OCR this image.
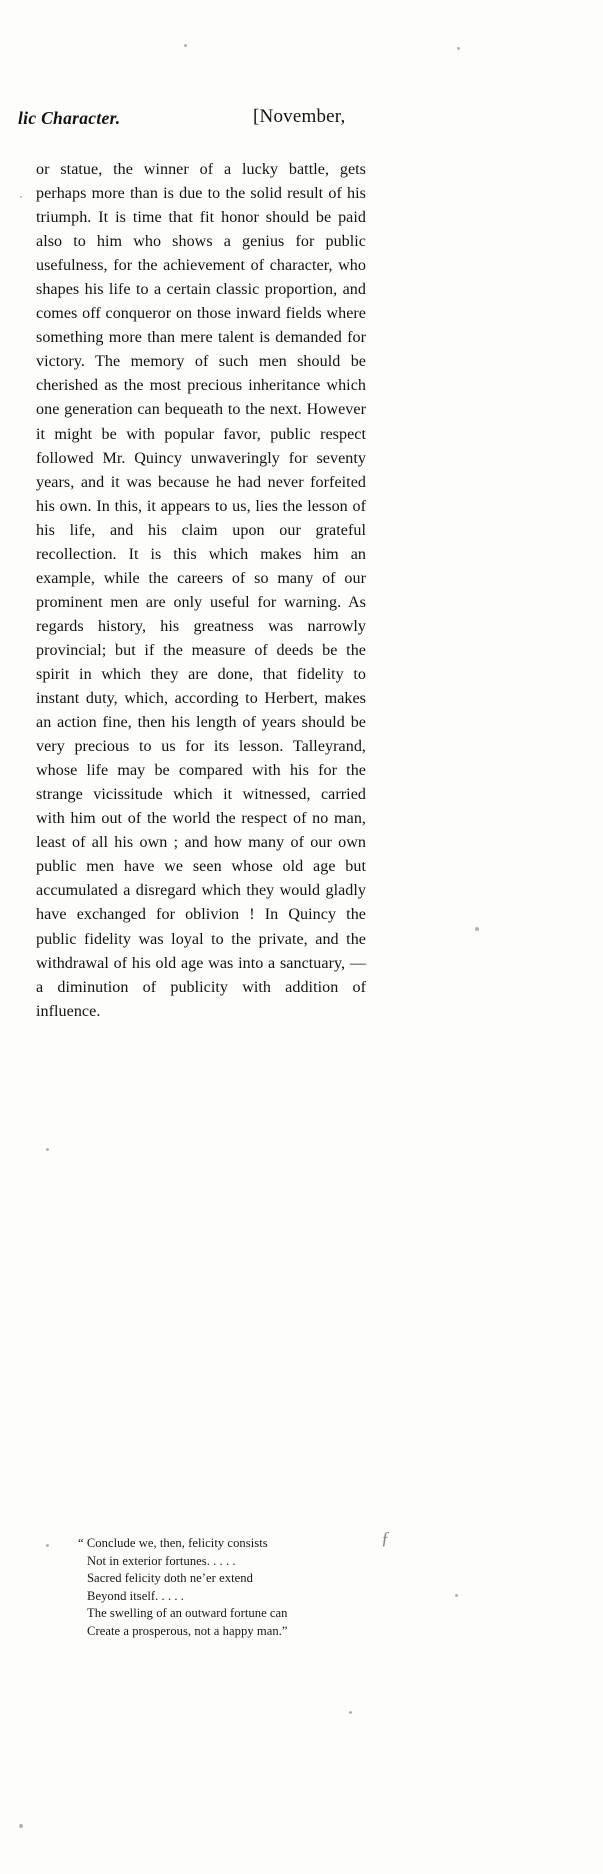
lic Character.	[November,

or statue, the winner of a lucky battle, gets perhaps more than is due to the solid result of his triumph. It is time that fit honor should be paid also to him who shows a genius for public usefulness, for the achievement of character, who shapes his life to a certain classic proportion, and comes off conqueror on those inward fields where something more than mere talent is demanded for victory. The memory of such men should be cherished as the most precious inheritance which one generation can bequeath to the next. However it might be with popular favor, public respect followed Mr. Quincy unwaveringly for seventy years, and it was because he had never forfeited his own. In this, it appears to us, lies the lesson of his life, and his claim upon our grateful recollection. It is this which makes him an example, while the careers of so many of our prominent men are only useful for warning. As regards history, his greatness was narrowly provincial; but if the measure of deeds be the spirit in which they are done, that fidelity to instant duty, which, according to Herbert, makes an action fine, then his length of years should be very precious to us for its lesson. Talleyrand, whose life may be compared with his for the strange vicissitude which it witnessed, carried with him out of the world the respect of no man, least of all his own ; and how many of our own public men have we seen whose old age but accumulated a disregard which they would gladly have exchanged for oblivion ! In Quincy the public fidelity was loyal to the private, and the withdrawal of his old age was into a sanctuary, — a diminution of publicity with addition of influence.

ƒ
“ Conclude we, then, felicity consists
Not in exterior fortunes. . . . .
Sacred felicity doth ne’er extend
Beyond itself. . . . .
The swelling of an outward fortune can
Create a prosperous, not a happy man.”
